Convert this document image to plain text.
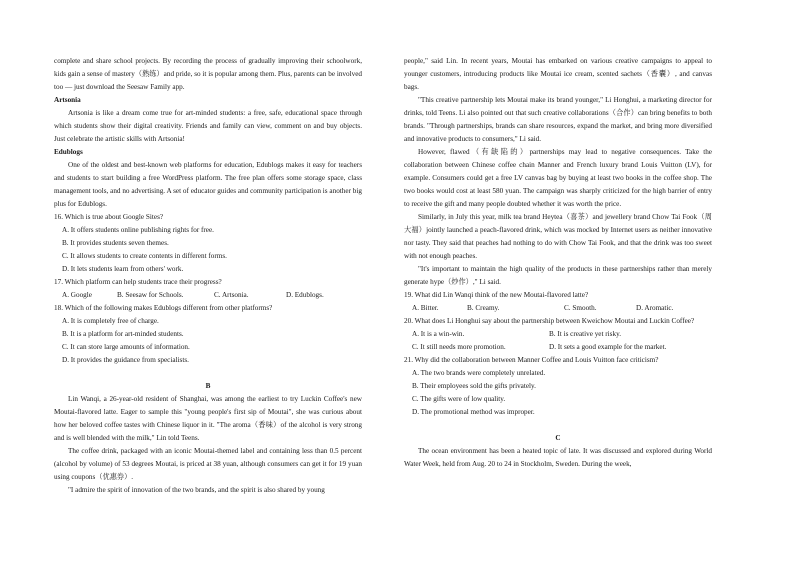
complete and share school projects. By recording the process of gradually improving their schoolwork, kids gain a sense of mastery（熟练）and pride, so it is popular among them. Plus, parents can be involved too — just download the Seesaw Family app.

Artsonia

Artsonia is like a dream come true for art-minded students: a free, safe, educational space through which students show their digital creativity. Friends and family can view, comment on and buy objects. Just celebrate the artistic skills with Artsonia!

Edublogs

One of the oldest and best-known web platforms for education, Edublogs makes it easy for teachers and students to start building a free WordPress platform. The free plan offers some storage space, class management tools, and no advertising. A set of educator guides and community participation is another big plus for Edublogs.

16. Which is true about Google Sites?
A. It offers students online publishing rights for free.
B. It provides students seven themes.
C. It allows students to create contents in different forms.
D. It lets students learn from others' work.
17. Which platform can help students trace their progress?
A. Google	B. Seesaw for Schools.	C. Artsonia.	D. Edublogs.
18. Which of the following makes Edublogs different from other platforms?
A. It is completely free of charge.
B. It is a platform for art-minded students.
C. It can store large amounts of information.
D. It provides the guidance from specialists.
B

Lin Wanqi, a 26-year-old resident of Shanghai, was among the earliest to try Luckin Coffee's new Moutai-flavored latte. Eager to sample this "young people's first sip of Moutai", she was curious about how her beloved coffee tastes with Chinese liquor in it. "The aroma（香味）of the alcohol is very strong and is well blended with the milk," Lin told Teens.

The coffee drink, packaged with an iconic Moutai-themed label and containing less than 0.5 percent (alcohol by volume) of 53 degrees Moutai, is priced at 38 yuan, although consumers can get it for 19 yuan using coupons（优惠券）.

"I admire the spirit of innovation of the two brands, and the spirit is also shared by young

people," said Lin. In recent years, Moutai has embarked on various creative campaigns to appeal to younger customers, introducing products like Moutai ice cream, scented sachets（香囊）, and canvas bags.

"This creative partnership lets Moutai make its brand younger," Li Honghui, a marketing director for drinks, told Teens. Li also pointed out that such creative collaborations（合作）can bring benefits to both brands. "Through partnerships, brands can share resources, expand the market, and bring more diversified and innovative products to consumers," Li said.

However, flawed（有缺陷的）partnerships may lead to negative consequences. Take the collaboration between Chinese coffee chain Manner and French luxury brand Louis Vuitton (LV), for example. Consumers could get a free LV canvas bag by buying at least two books in the coffee shop. The two books would cost at least 580 yuan. The campaign was sharply criticized for the high barrier of entry to receive the gift and many people doubted whether it was worth the price.

Similarly, in July this year, milk tea brand Heytea（喜茶）and jewellery brand Chow Tai Fook（周大福）jointly launched a peach-flavored drink, which was mocked by Internet users as neither innovative nor tasty. They said that peaches had nothing to do with Chow Tai Fook, and that the drink was too sweet with not enough peaches.

"It's important to maintain the high quality of the products in these partnerships rather than merely generate hype（炒作）," Li said.

19. What did Lin Wanqi think of the new Moutai-flavored latte?
A. Bitter.	B. Creamy.	C. Smooth.	D. Aromatic.
20. What does Li Honghui say about the partnership between Kweichow Moutai and Luckin Coffee?
A. It is a win-win.	B. It is creative yet risky.
C. It still needs more promotion.	D. It sets a good example for the market.
21. Why did the collaboration between Manner Coffee and Louis Vuitton face criticism?
A. The two brands were completely unrelated.
B. Their employees sold the gifts privately.
C. The gifts were of low quality.
D. The promotional method was improper.
C

The ocean environment has been a heated topic of late. It was discussed and explored during World Water Week, held from Aug. 20 to 24 in Stockholm, Sweden. During the week,
